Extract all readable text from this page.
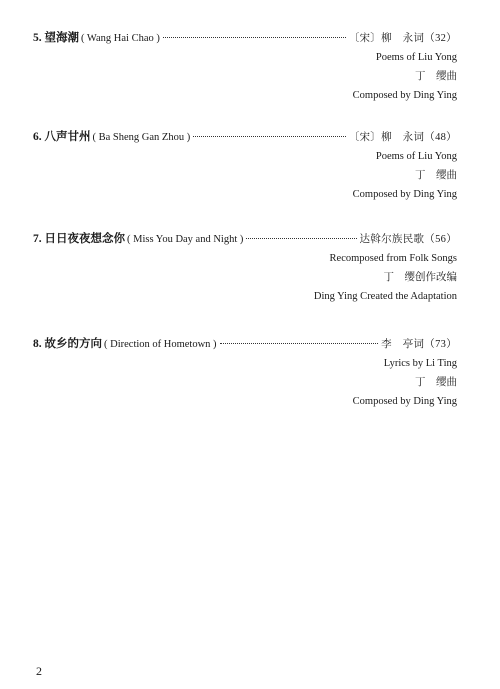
5. 望海潮 ( Wang Hai Chao )	〔宋〕柳　永词（32）
Poems of Liu Yong
丁　缨曲
Composed by Ding Ying
6. 八声甘州 ( Ba Sheng Gan Zhou )	〔宋〕柳　永词（48）
Poems of Liu Yong
丁　缨曲
Composed by Ding Ying
7. 日日夜夜想念你 ( Miss You Day and Night )	达斡尔族民歌（56）
Recomposed from Folk Songs
丁　缨创作改编
Ding Ying Created the Adaptation
8. 故乡的方向 ( Direction of Hometown )	李　亭词（73）
Lyrics by Li Ting
丁　缨曲
Composed by Ding Ying
2
